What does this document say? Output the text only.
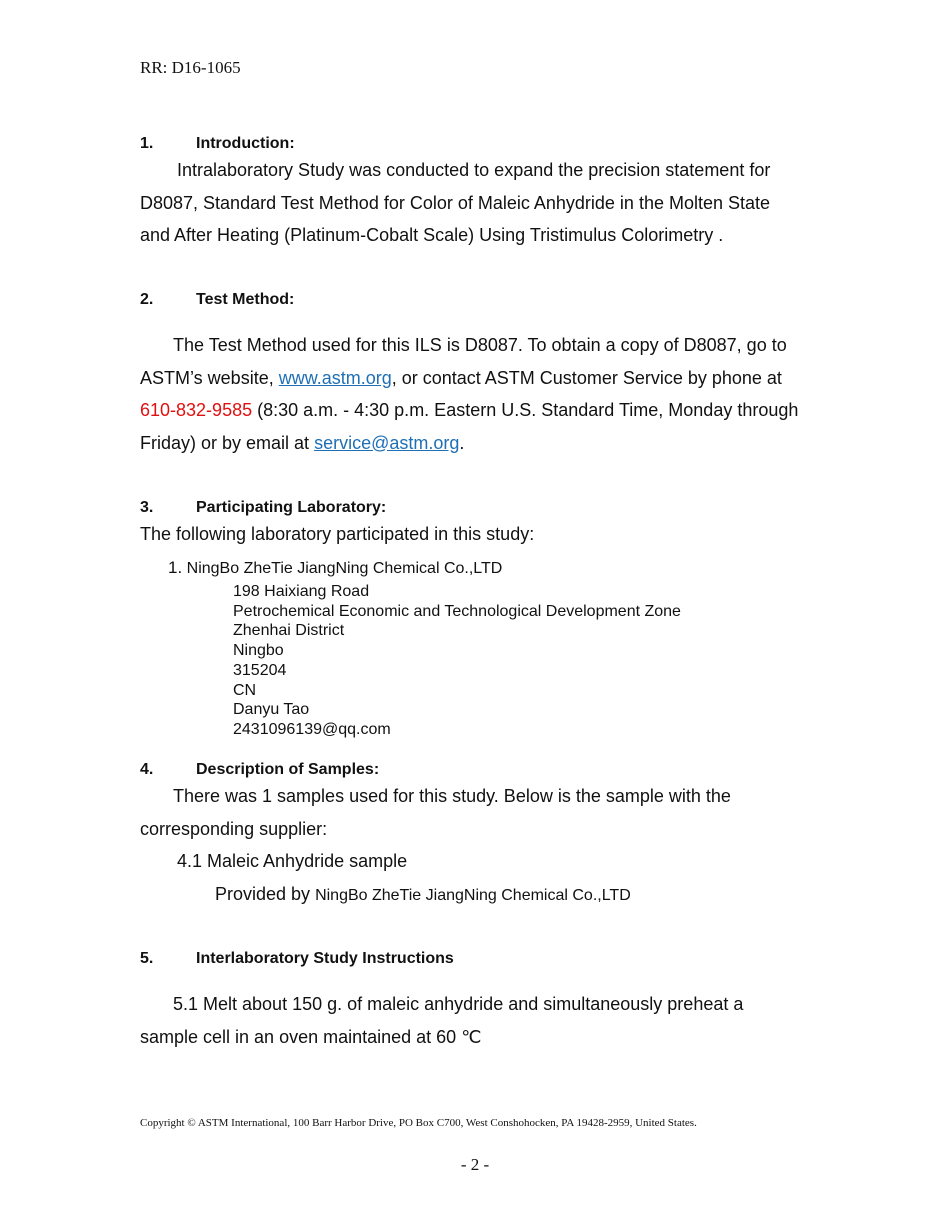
RR: D16-1065
1.	Introduction:

Intralaboratory Study was conducted to expand the precision statement for

D8087, Standard Test Method for Color of Maleic Anhydride in the Molten State

and After Heating (Platinum-Cobalt Scale) Using Tristimulus Colorimetry .

2.	Test Method:

The Test Method used for this ILS is D8087. To obtain a copy of D8087, go to

ASTM’s website, www.astm.org, or contact ASTM Customer Service by phone at

610-832-9585 (8:30 a.m. - 4:30 p.m. Eastern U.S. Standard Time, Monday through

Friday) or by email at service@astm.org.

3.	Participating Laboratory:
The following laboratory participated in this study:
1. NingBo ZheTie JiangNing Chemical Co.,LTD
198 Haixiang Road
Petrochemical Economic and Technological Development Zone
Zhenhai District
Ningbo
315204
CN
Danyu Tao
2431096139@qq.com
4.	Description of Samples:

There was 1 samples used for this study. Below is the sample with the

corresponding supplier:

4.1 Maleic Anhydride sample

Provided by NingBo ZheTie JiangNing Chemical Co.,LTD

5.	Interlaboratory Study Instructions

5.1 Melt about 150 g. of maleic anhydride and simultaneously preheat a

sample cell in an oven maintained at 60 ℃

Copyright © ASTM International, 100 Barr Harbor Drive, PO Box C700, West Conshohocken, PA 19428-2959, United States.
- 2 -
